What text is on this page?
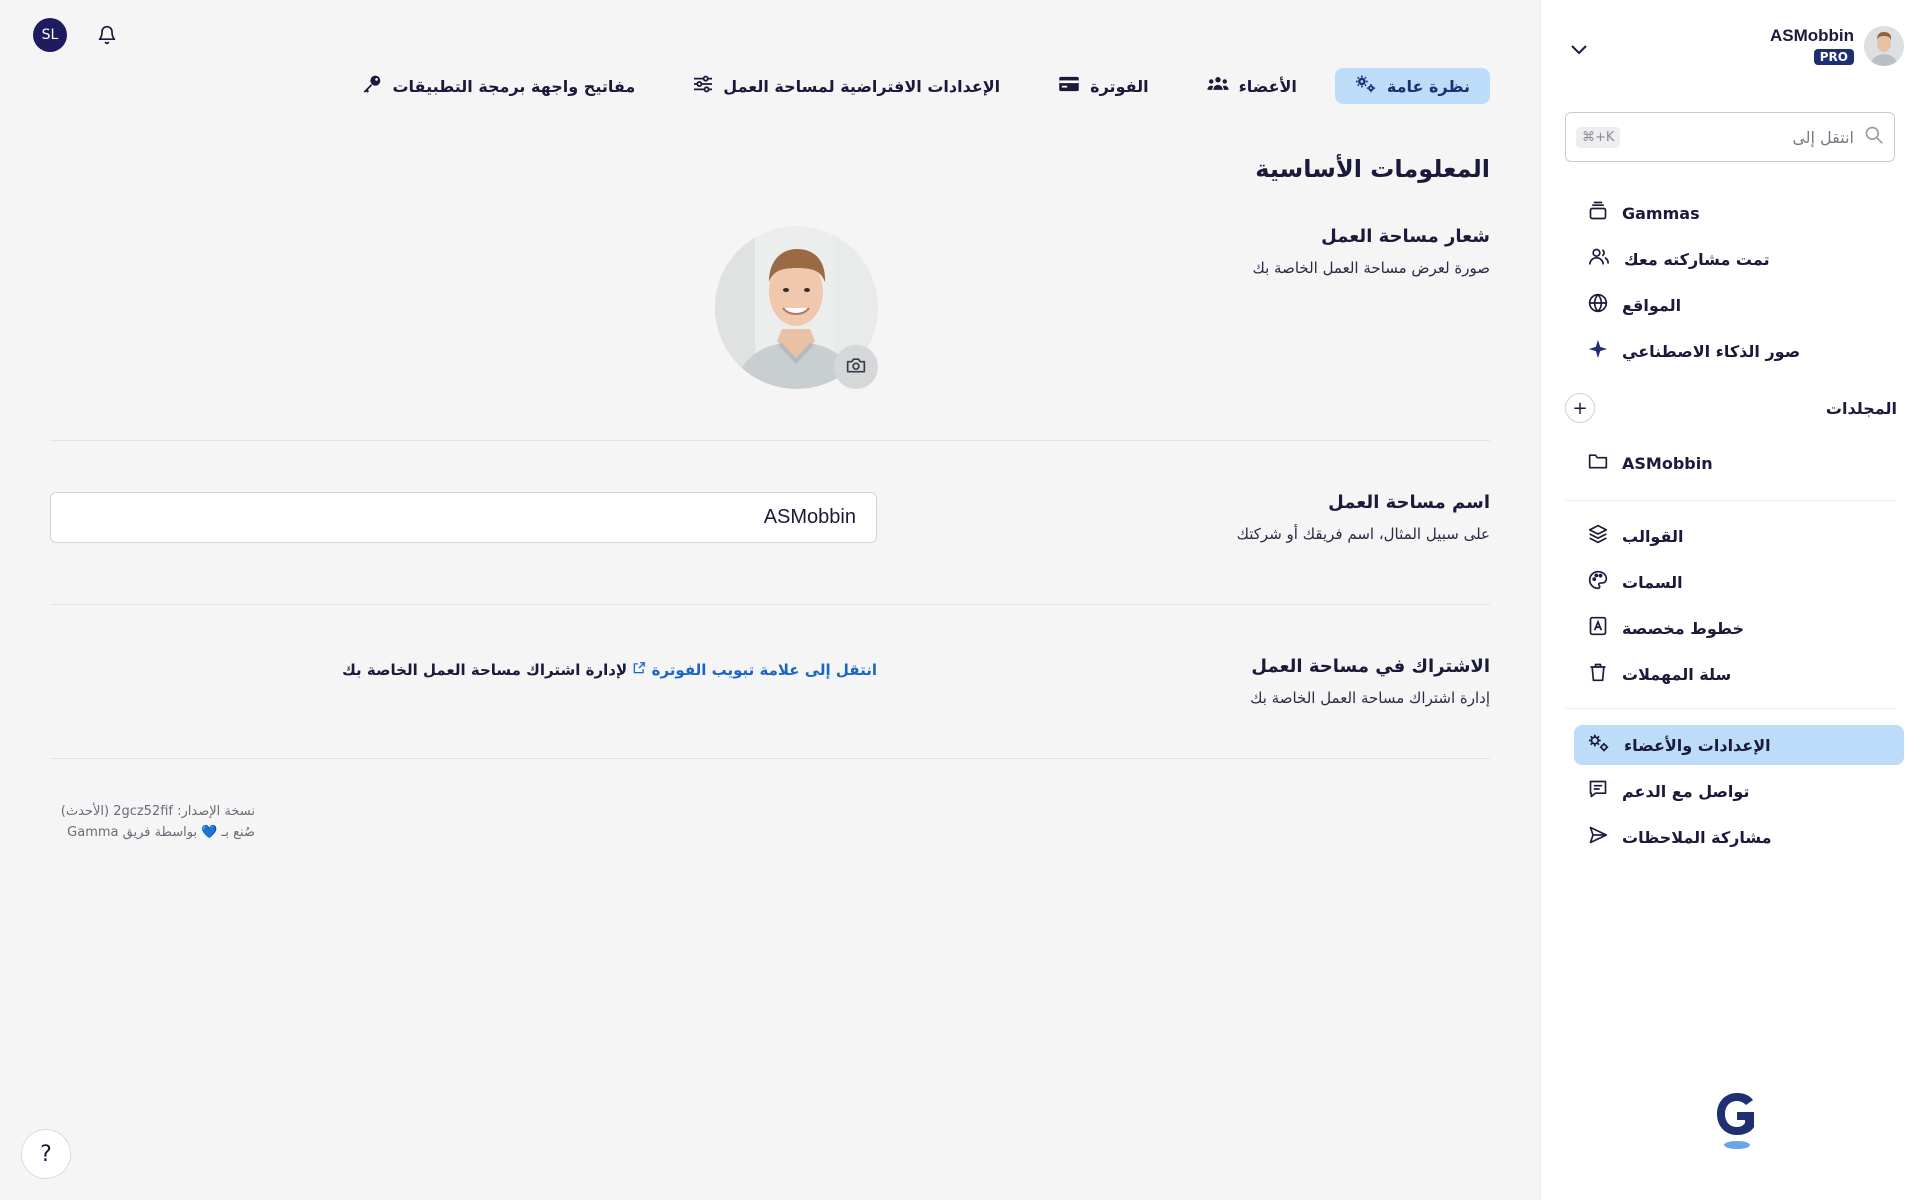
SL
نظرة عامة
الأعضاء
الفوترة
الإعدادات الافتراضية لمساحة العمل
مفاتيح واجهة برمجة التطبيقات
المعلومات الأساسية
شعار مساحة العمل
صورة لعرض مساحة العمل الخاصة بك
اسم مساحة العمل
على سبيل المثال، اسم فريقك أو شركتك
ASMobbin
الاشتراك في مساحة العمل
إدارة اشتراك مساحة العمل الخاصة بك
انتقل إلى علامة تبويب الفوترة  لإدارة اشتراك مساحة العمل الخاصة بك
نسخة الإصدار: 2gcz52fif (الأحدث)
صُنع بـ 💙 بواسطة فريق Gamma
?
ASMobbin
PRO
انتقل إلى
⌘+K
Gammas
تمت مشاركته معك
المواقع
صور الذكاء الاصطناعي
المجلدات
+
ASMobbin
القوالب
السمات
خطوط مخصصة
سلة المهملات
الإعدادات والأعضاء
تواصل مع الدعم
مشاركة الملاحظات
